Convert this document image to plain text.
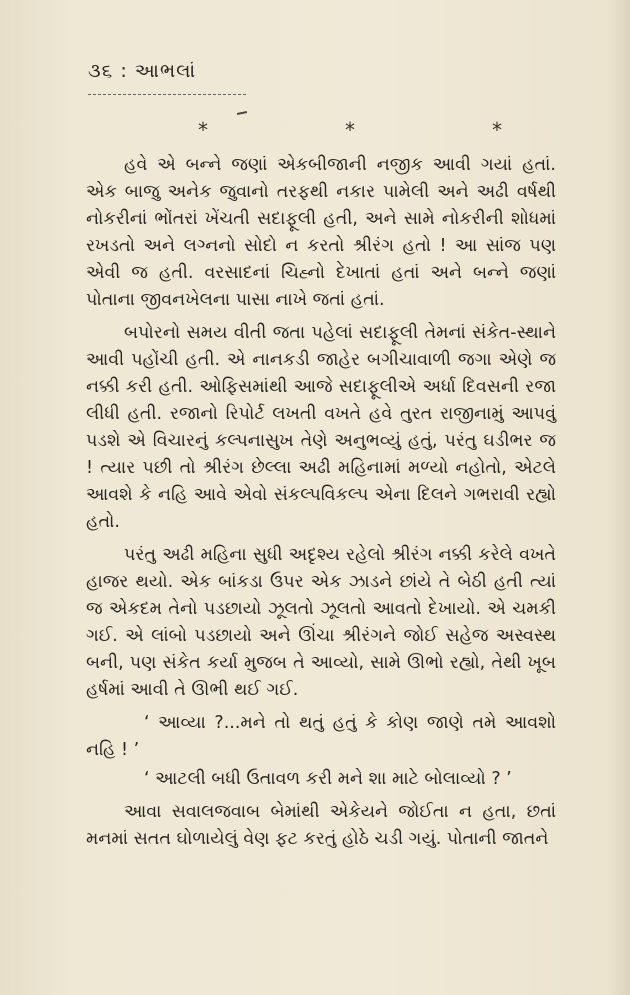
૩૬ : આભલાં
*	*	*

હવે એ બન્ને જણાં એકબીજાની નજીક આવી ગયાં હતાં. એક બાજુ અનેક જુવાનો તરફથી નકાર પામેલી અને અઢી વર્ષથી નોકરીનાં ભોંતરાં ખેંચતી સદાફૂલી હતી, અને સામે નોકરીની શોધમાં રખડતો અને લગ્નનો સોદો ન કરતો શ્રીરંગ હતો ! આ સાંજ પણ એવી જ હતી. વરસાદનાં ચિહ્નો દેખાતાં હતાં અને બન્ને જણાં પોતાના જીવનખેલના પાસા નાખે જતાં હતાં.

બપોરનો સમય વીતી જતા પહેલાં સદાફૂલી તેમનાં સંકેત-સ્થાને આવી પહોંચી હતી. એ નાનકડી જાહેર બગીચાવાળી જગા એણે જ નક્કી કરી હતી. ઓફિસમાંથી આજે સદાફૂલીએ અર્ધા દિવસની રજા લીધી હતી. રજાનો રિપોર્ટ લખતી વખતે હવે તુરત રાજીનામું આપવું પડશે એ વિચારનું કલ્પનાસુખ તેણે અનુભવ્યું હતું, પરંતુ ઘડીભર જ ! ત્યાર પછી તો શ્રીરંગ છેલ્લા અઢી મહિનામાં મળ્યો નહોતો, એટલે આવશે કે નહિ આવે એવો સંકલ્પવિકલ્પ એના દિલને ગભરાવી રહ્યો હતો.

પરંતુ અઢી મહિના સુધી અદૃશ્ય રહેલો શ્રીરંગ નક્કી કરેલે વખતે હાજર થયો. એક બાંકડા ઉપર એક ઝાડને છાંયે તે બેઠી હતી ત્યાં જ એકદમ તેનો પડછાયો ઝૂલતો ઝૂલતો આવતો દેખાયો. એ ચમકી ગઈ. એ લાંબો પડછાયો અને ઊંચા શ્રીરંગને જોઈ સહેજ અસ્વસ્થ બની, પણ સંકેત કર્યા મુજબ તે આવ્યો, સામે ઊભો રહ્યો, તેથી ખૂબ હર્ષમાં આવી તે ઊભી થઈ ગઈ.

‘ આવ્યા ?...મને તો થતું હતું કે કોણ જાણે તમે આવશો નહિ ! ’

‘ આટલી બધી ઉતાવળ કરી મને શા માટે બોલાવ્યો ? ’

આવા સવાલજવાબ બેમાંથી એકેયને જોઈતા ન હતા, છતાં મનમાં સતત ઘોળાયેલું વેણ ફટ કરતું હોઠે ચડી ગયું. પોતાની જાતને
